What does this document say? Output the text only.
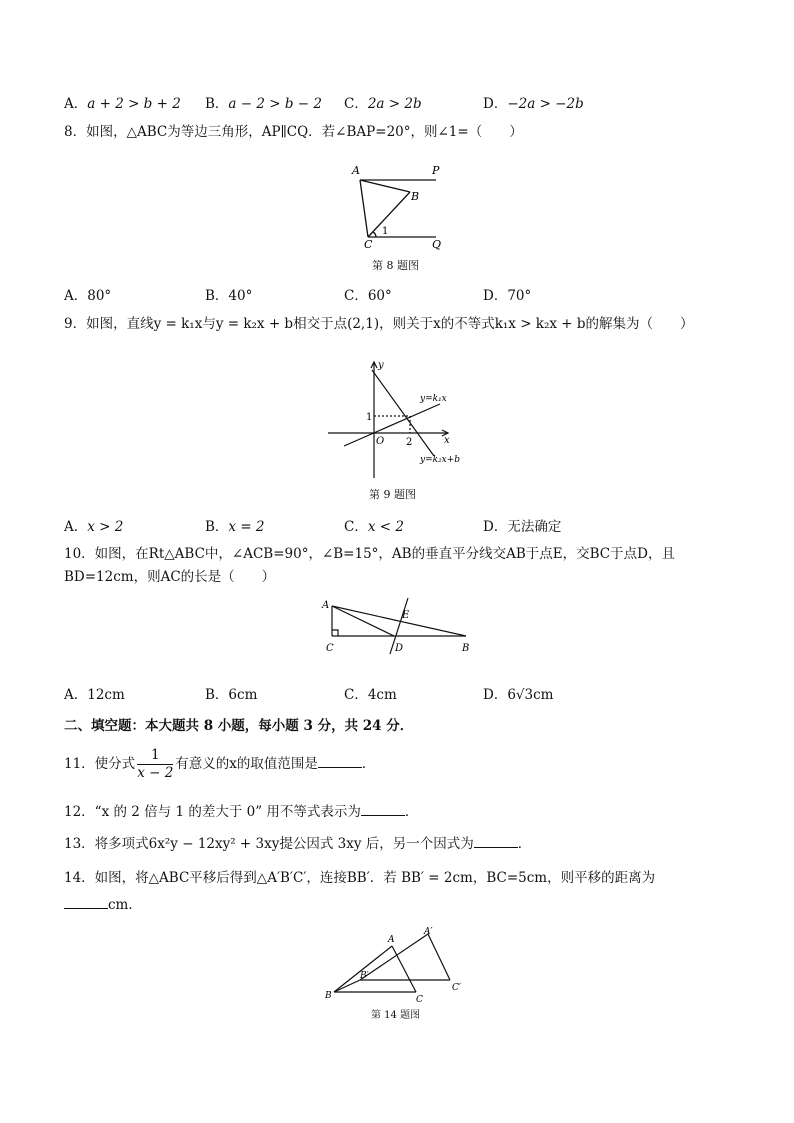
A．a + 2 > b + 2 B．a − 2 > b − 2 C．2a > 2b	D．−2a > −2b
8．如图，△ABC为等边三角形，AP∥CQ．若∠BAP=20°，则∠1=（　　）
A	P
B
C	Q
1
第 8 题图
A．80°	B．40°	C．60°	D．70°
9．如图，直线y = k₁x与y = k₂x + b相交于点(2,1)，则关于x的不等式k₁x > k₂x + b的解集为（　　）
y
x
O
1
2
y=k₁x
y=k₂x+b
第 9 题图
A．x > 2	B．x = 2	C．x < 2	D．无法确定
10．如图，在Rt△ABC中，∠ACB=90°，∠B=15°，AB的垂直平分线交AB于点E，交BC于点D，且
BD=12cm，则AC的长是（　　）
A
E
C	D	B
A．12cm	B．6cm	C．4cm	D．6√3cm
二、填空题：本大题共 8 小题，每小题 3 分，共 24 分．
11．使分式 $\frac{1}{x - 2}$ 有意义的x的取值范围是	．
12．“x 的 2 倍与 1 的差大于 0” 用不等式表示为	．
13．将多项式6x²y − 12xy² + 3xy提公因式 3xy 后，另一个因式为	．
14．如图，将△ABC平移后得到△A′B′C′，连接BB′．若 BB′ = 2cm，BC=5cm，则平移的距离为
cm．
A
A′
B′
B	C
C′
第 14 题图
